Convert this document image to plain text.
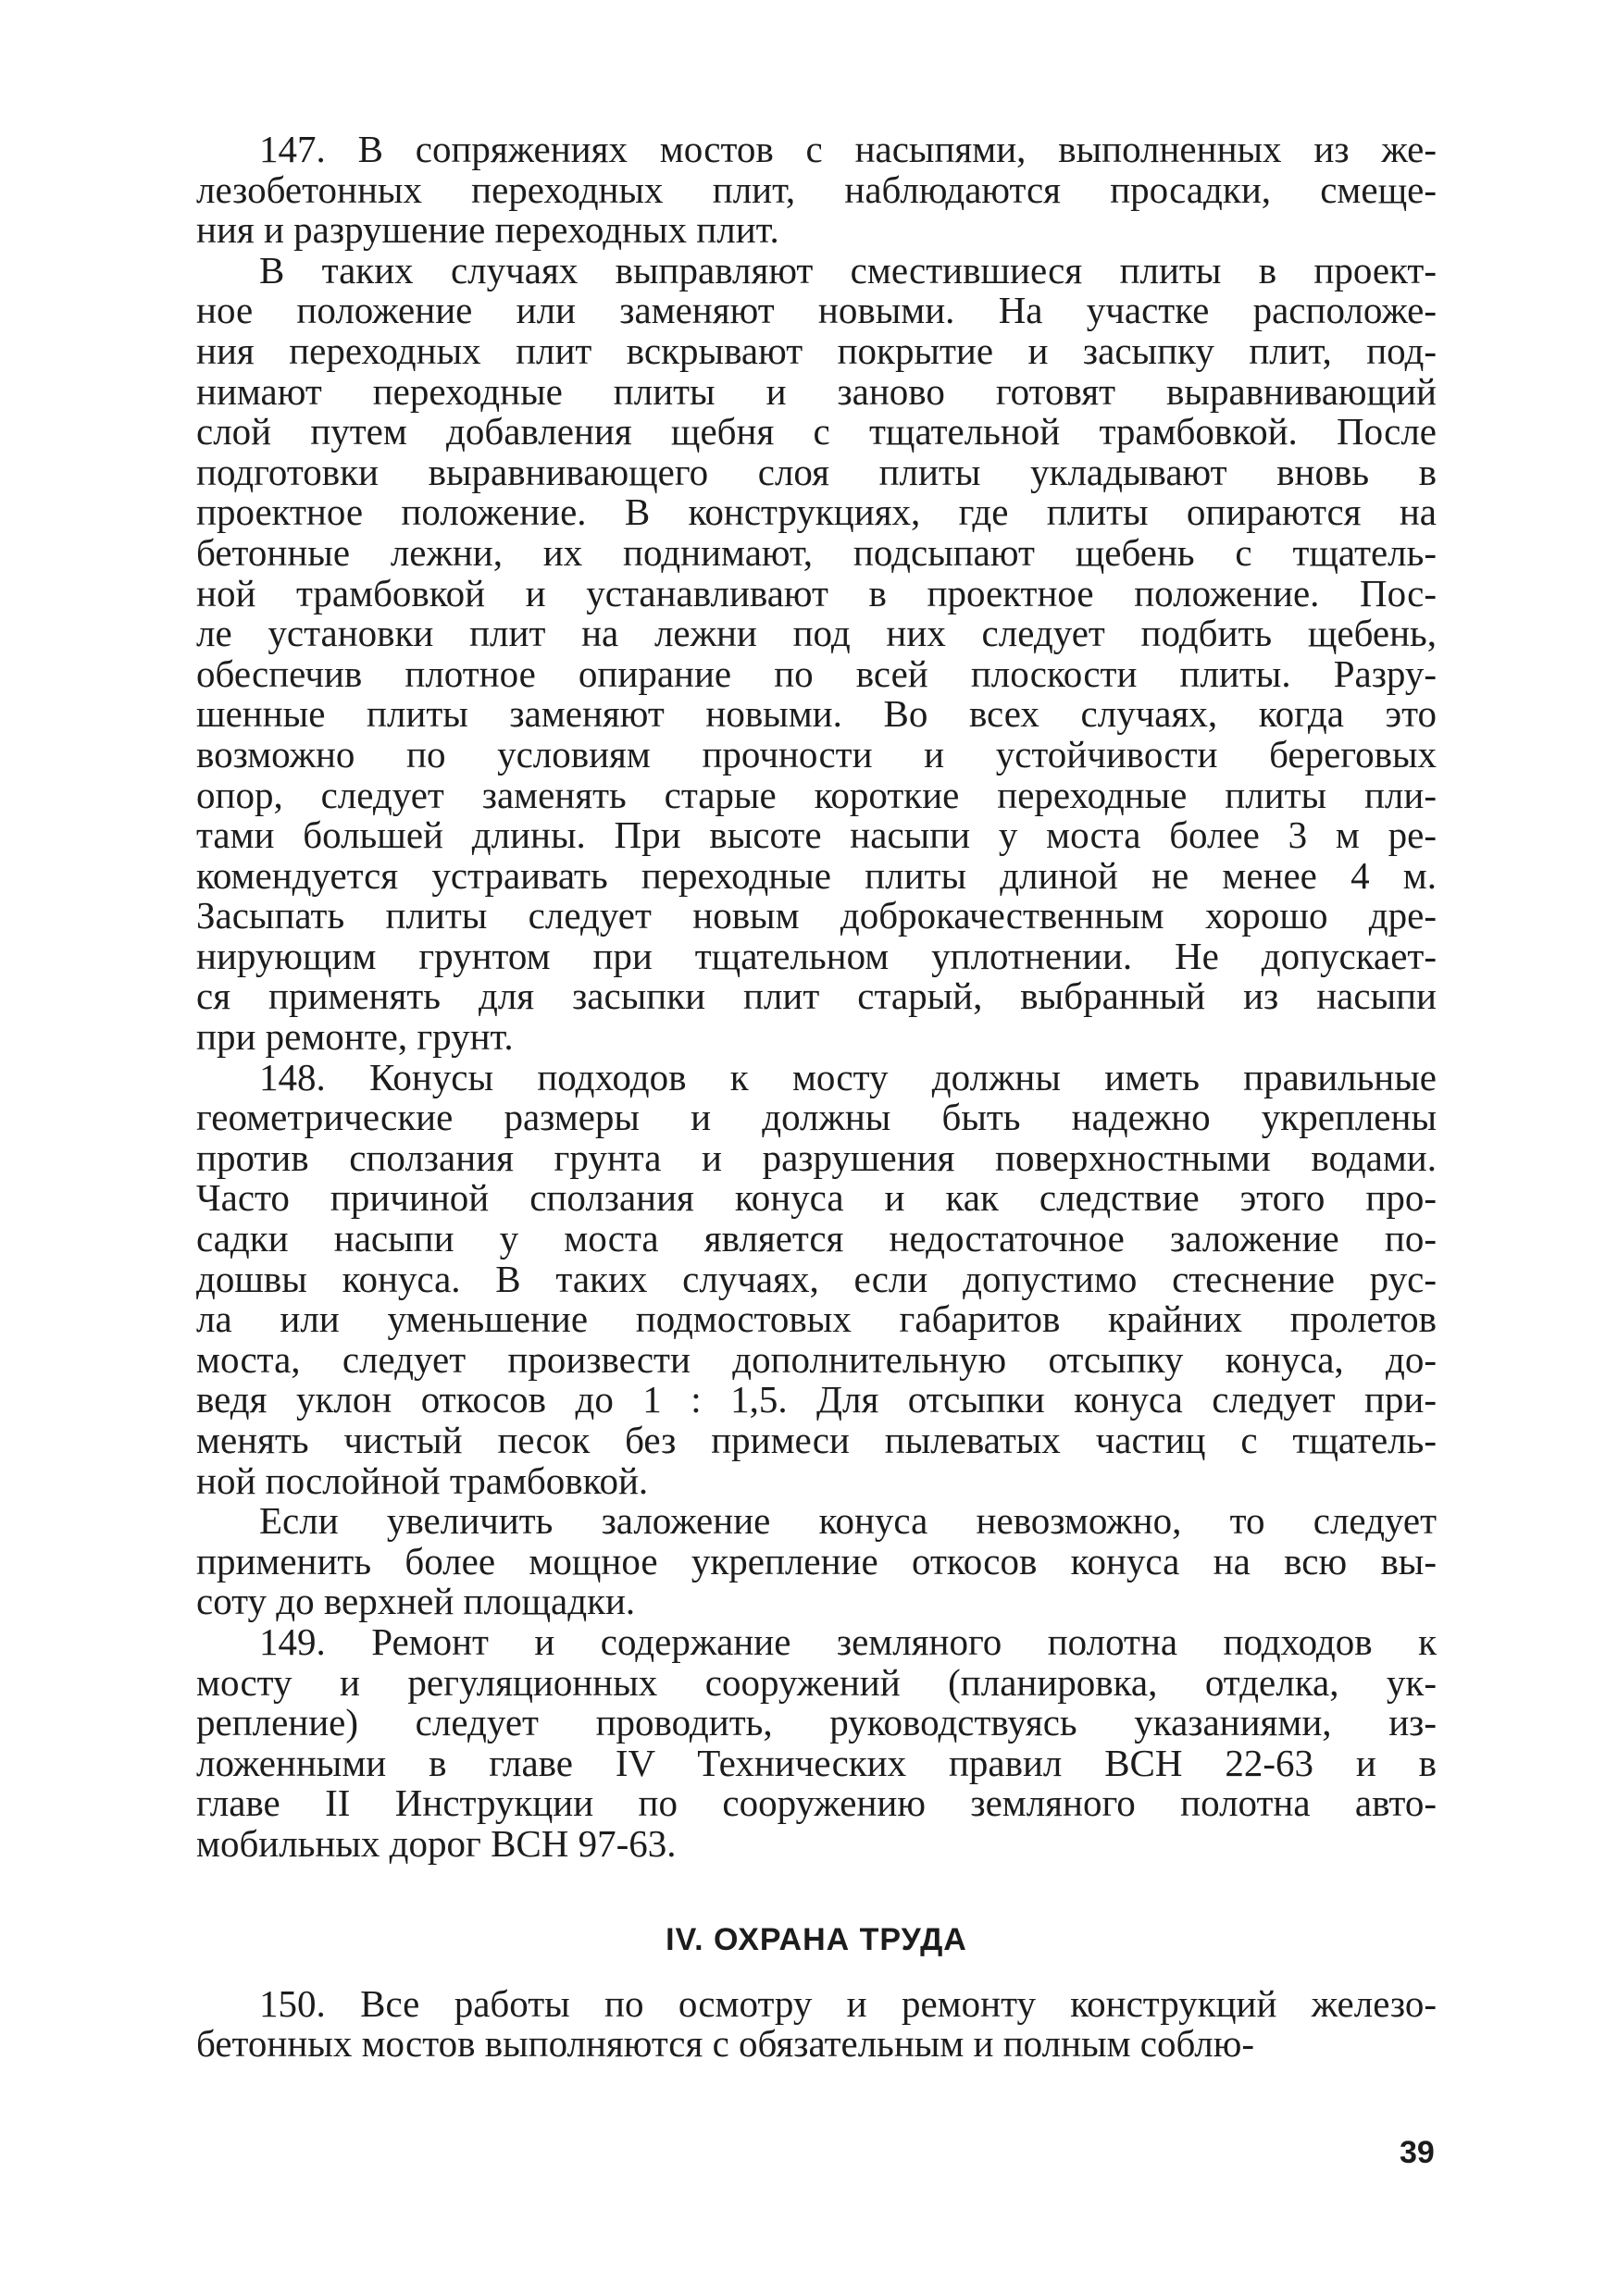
147. В сопряжениях мостов с насыпями, выполненных из же-
лезобетонных переходных плит, наблюдаются просадки, смеще-
ния и разрушение переходных плит.
В таких случаях выправляют сместившиеся плиты в проект-
ное положение или заменяют новыми. На участке расположе-
ния переходных плит вскрывают покрытие и засыпку плит, под-
нимают переходные плиты и заново готовят выравнивающий
слой путем добавления щебня с тщательной трамбовкой. После
подготовки выравнивающего слоя плиты укладывают вновь в
проектное положение. В конструкциях, где плиты опираются на
бетонные лежни, их поднимают, подсыпают щебень с тщатель-
ной трамбовкой и устанавливают в проектное положение. Пос-
ле установки плит на лежни под них следует подбить щебень,
обеспечив плотное опирание по всей плоскости плиты. Разру-
шенные плиты заменяют новыми. Во всех случаях, когда это
возможно по условиям прочности и устойчивости береговых
опор, следует заменять старые короткие переходные плиты пли-
тами большей длины. При высоте насыпи у моста более 3 м ре-
комендуется устраивать переходные плиты длиной не менее 4 м.
Засыпать плиты следует новым доброкачественным хорошо дре-
нирующим грунтом при тщательном уплотнении. Не допускает-
ся применять для засыпки плит старый, выбранный из насыпи
при ремонте, грунт.
148. Конусы подходов к мосту должны иметь правильные
геометрические размеры и должны быть надежно укреплены
против сползания грунта и разрушения поверхностными водами.
Часто причиной сползания конуса и как следствие этого про-
садки насыпи у моста является недостаточное заложение по-
дошвы конуса. В таких случаях, если допустимо стеснение рус-
ла или уменьшение подмостовых габаритов крайних пролетов
моста, следует произвести дополнительную отсыпку конуса, до-
ведя уклон откосов до 1 : 1,5. Для отсыпки конуса следует при-
менять чистый песок без примеси пылеватых частиц с тщатель-
ной послойной трамбовкой.
Если увеличить заложение конуса невозможно, то следует
применить более мощное укрепление откосов конуса на всю вы-
соту до верхней площадки.
149. Ремонт и содержание земляного полотна подходов к
мосту и регуляционных сооружений (планировка, отделка, ук-
репление) следует проводить, руководствуясь указаниями, из-
ложенными в главе IV Технических правил ВСН 22-63 и в
главе II Инструкции по сооружению земляного полотна авто-
мобильных дорог ВСН 97-63.
IV. ОХРАНА ТРУДА
150. Все работы по осмотру и ремонту конструкций железо-
бетонных мостов выполняются с обязательным и полным соблю-
39
